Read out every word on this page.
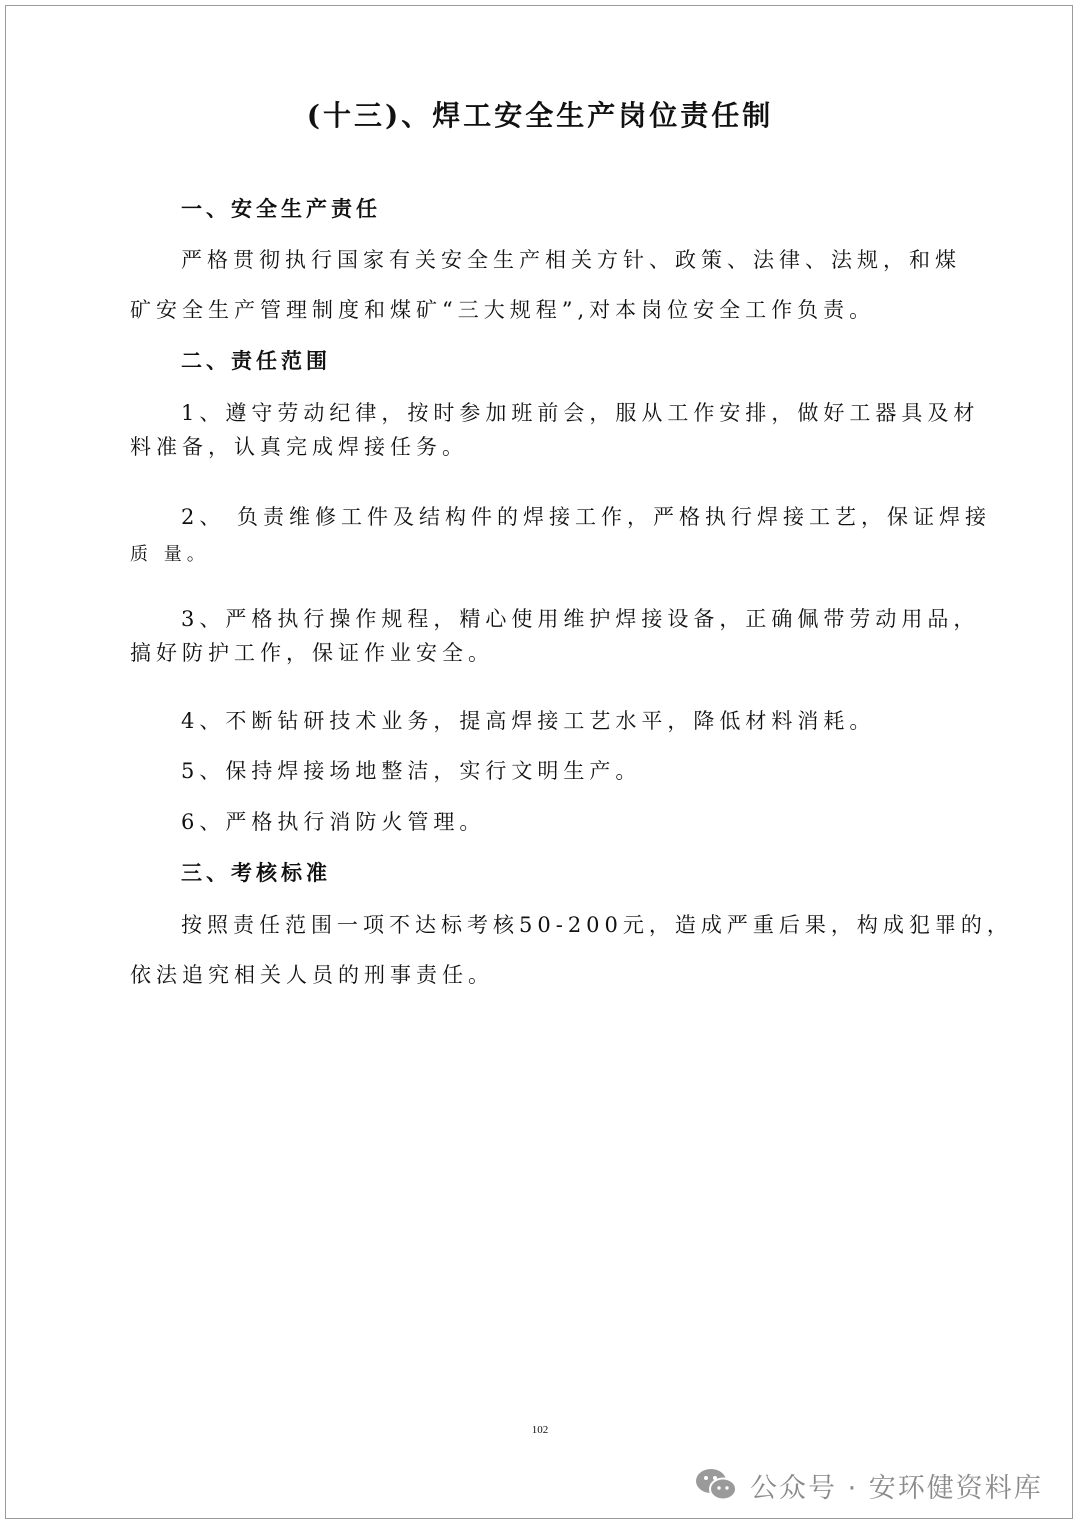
(十三)、焊工安全生产岗位责任制
一、安全生产责任
严格贯彻执行国家有关安全生产相关方针、政策、法律、法规，和煤
矿安全生产管理制度和煤矿“三大规程”,对本岗位安全工作负责。
二、责任范围
1、遵守劳动纪律，按时参加班前会，服从工作安排，做好工器具及材
料准备，认真完成焊接任务。
2、 负责维修工件及结构件的焊接工作，严格执行焊接工艺，保证焊接
质 量。
3、严格执行操作规程，精心使用维护焊接设备，正确佩带劳动用品，
搞好防护工作，保证作业安全。
4、不断钻研技术业务，提高焊接工艺水平，降低材料消耗。
5、保持焊接场地整洁，实行文明生产。
6、严格执行消防火管理。
三、考核标准
按照责任范围一项不达标考核50-200元，造成严重后果，构成犯罪的，
依法追究相关人员的刑事责任。
102
公众号 · 安环健资料库
